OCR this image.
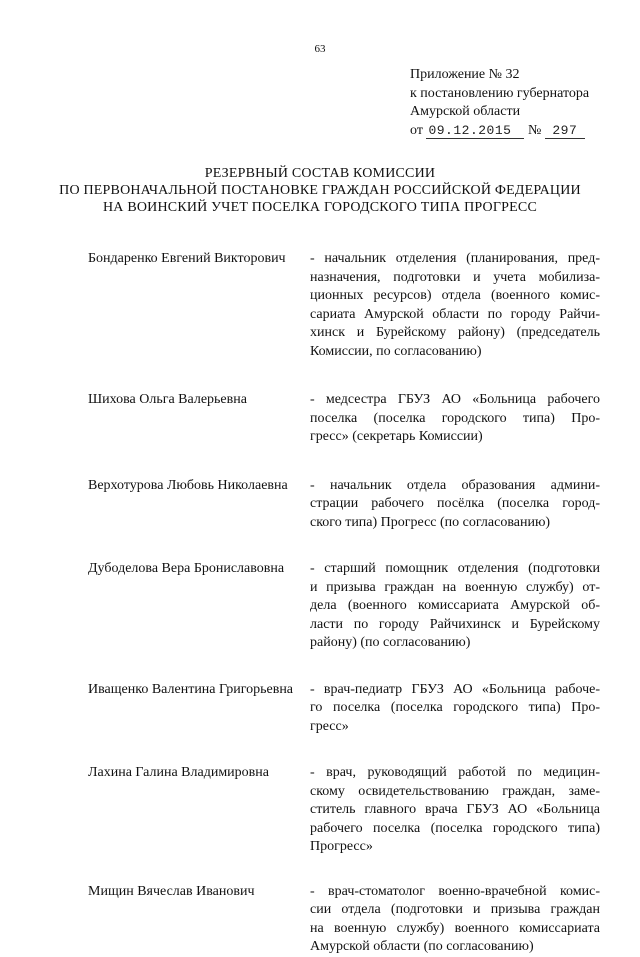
63
Приложение № 32
к постановлению губернатора
Амурской области
от 09.12.2015 № 297
РЕЗЕРВНЫЙ СОСТАВ КОМИССИИ
ПО ПЕРВОНАЧАЛЬНОЙ ПОСТАНОВКЕ ГРАЖДАН РОССИЙСКОЙ ФЕДЕРАЦИИ
НА ВОИНСКИЙ УЧЕТ ПОСЕЛКА ГОРОДСКОГО ТИПА ПРОГРЕСС
Бондаренко Евгений Викторович	- начальник отделения (планирования, пред-
назначения, подготовки и учета мобилиза-
ционных ресурсов) отдела (военного комис-
сариата Амурской области по городу Райчи-
хинск и Бурейскому району) (председатель
Комиссии, по согласованию)
Шихова Ольга Валерьевна	- медсестра ГБУЗ АО «Больница рабочего
поселка (поселка городского типа) Про-
гресс» (секретарь Комиссии)
Верхотурова Любовь Николаевна	- начальник отдела образования админи-
страции рабочего посёлка (поселка город-
ского типа) Прогресс (по согласованию)
Дубоделова Вера Брониславовна	- старший помощник отделения (подготовки
и призыва граждан на военную службу) от-
дела (военного комиссариата Амурской об-
ласти по городу Райчихинск и Бурейскому
району) (по согласованию)
Иващенко Валентина Григорьевна	- врач-педиатр ГБУЗ АО «Больница рабоче-
го поселка (поселка городского типа) Про-
гресс»
Лахина Галина Владимировна	- врач, руководящий работой по медицин-
скому освидетельствованию граждан, заме-
ститель главного врача ГБУЗ АО «Больница
рабочего поселка (поселка городского типа)
Прогресс»
Мищин Вячеслав Иванович	- врач-стоматолог военно-врачебной комис-
сии отдела (подготовки и призыва граждан
на военную службу) военного комиссариата
Амурской области (по согласованию)
